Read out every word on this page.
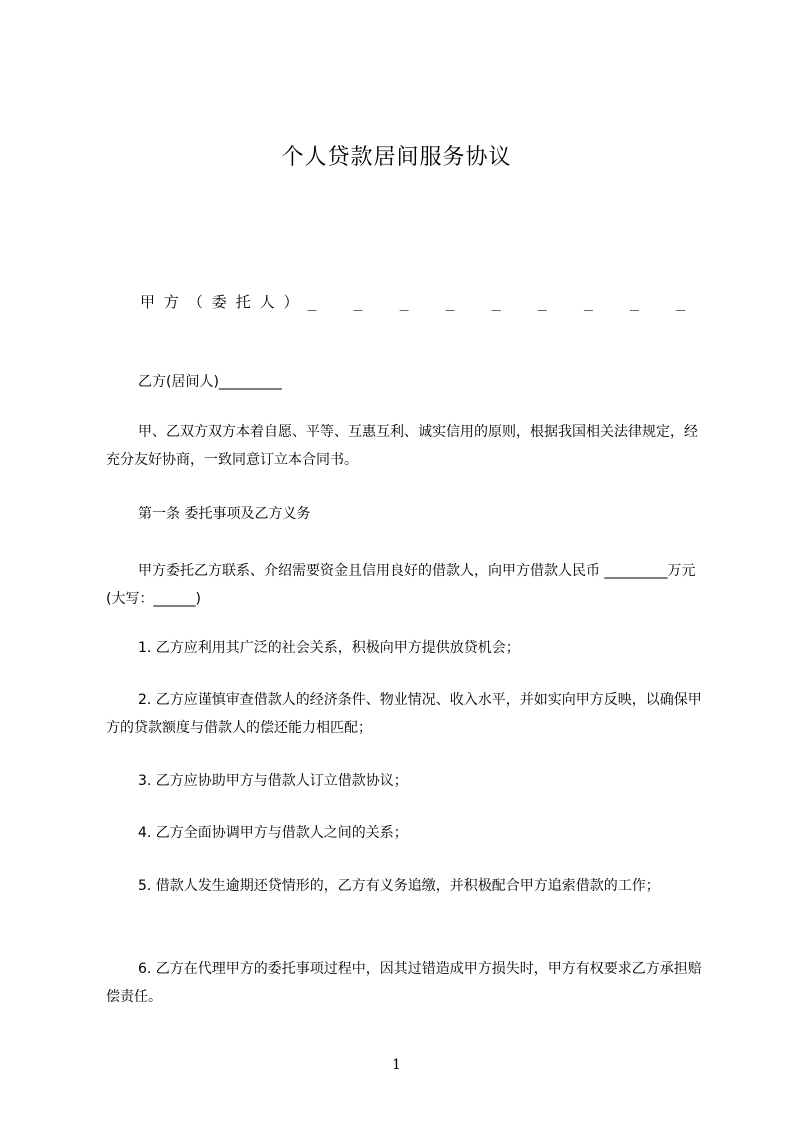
个人贷款居间服务协议
甲 方 （ 委 托 人 ） _ _ _ _ _ _ _ _ _
乙方(居间人)_________
甲、乙双方双方本着自愿、平等、互惠互利、诚实信用的原则，根据我国相关法律规定，经充分友好协商，一致同意订立本合同书。
第一条 委托事项及乙方义务
甲方委托乙方联系、介绍需要资金且信用良好的借款人，向甲方借款人民币 _________万元(大写：______)
1. 乙方应利用其广泛的社会关系，积极向甲方提供放贷机会；
2. 乙方应谨慎审查借款人的经济条件、物业情况、收入水平，并如实向甲方反映，以确保甲方的贷款额度与借款人的偿还能力相匹配；
3. 乙方应协助甲方与借款人订立借款协议；
4. 乙方全面协调甲方与借款人之间的关系；
5. 借款人发生逾期还贷情形的，乙方有义务追缴，并积极配合甲方追索借款的工作；
6. 乙方在代理甲方的委托事项过程中，因其过错造成甲方损失时，甲方有权要求乙方承担赔偿责任。
1
